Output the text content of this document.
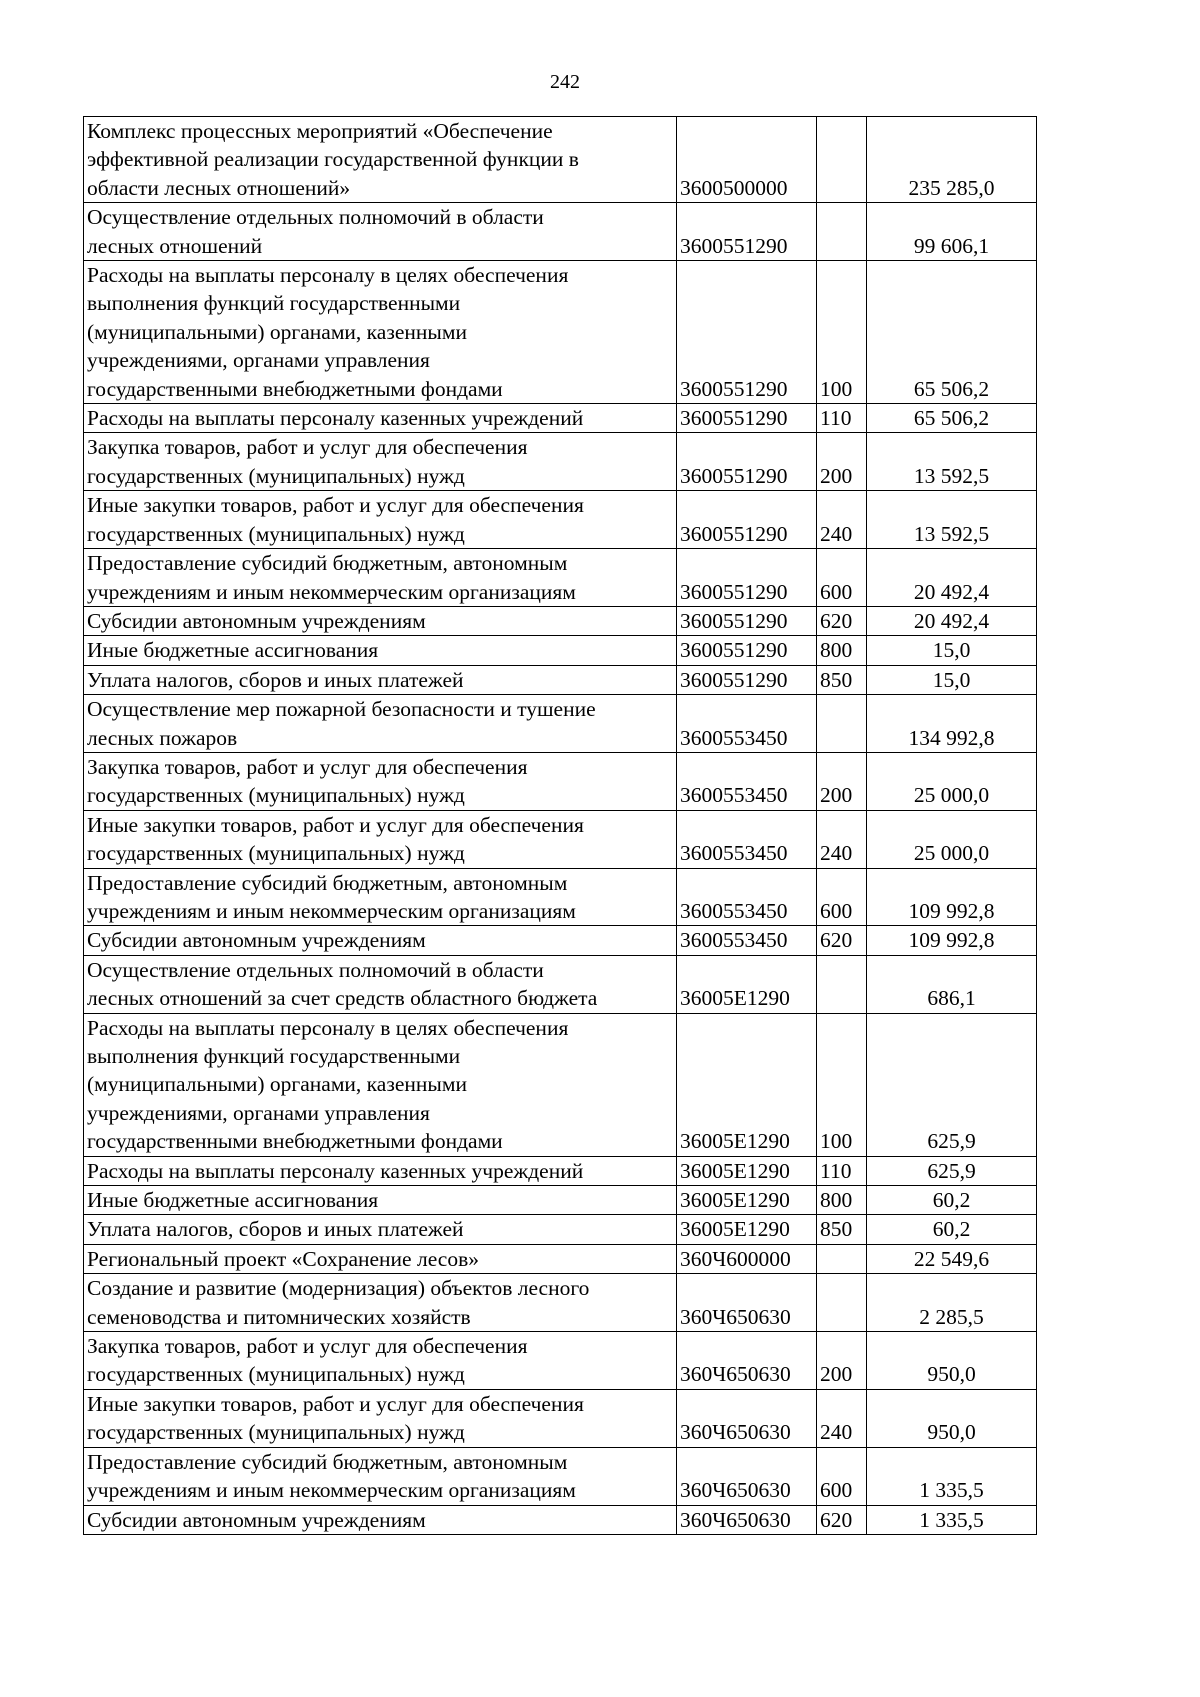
242
Комплекс процессных мероприятий «Обеспечение
эффективной реализации государственной функции в
области лесных отношений»	3600500000		235 285,0

Осуществление отдельных полномочий в области
лесных отношений	3600551290		99 606,1

Расходы на выплаты персоналу в целях обеспечения
выполнения функций государственными
(муниципальными) органами, казенными
учреждениями, органами управления
государственными внебюджетными фондами	3600551290	100	65 506,2

Расходы на выплаты персоналу казенных учреждений	3600551290	110	65 506,2

Закупка товаров, работ и услуг для обеспечения
государственных (муниципальных) нужд	3600551290	200	13 592,5

Иные закупки товаров, работ и услуг для обеспечения
государственных (муниципальных) нужд	3600551290	240	13 592,5

Предоставление субсидий бюджетным, автономным
учреждениям и иным некоммерческим организациям	3600551290	600	20 492,4

Субсидии автономным учреждениям	3600551290	620	20 492,4

Иные бюджетные ассигнования	3600551290	800	15,0

Уплата налогов, сборов и иных платежей	3600551290	850	15,0

Осуществление мер пожарной безопасности и тушение
лесных пожаров	3600553450		134 992,8

Закупка товаров, работ и услуг для обеспечения
государственных (муниципальных) нужд	3600553450	200	25 000,0

Иные закупки товаров, работ и услуг для обеспечения
государственных (муниципальных) нужд	3600553450	240	25 000,0

Предоставление субсидий бюджетным, автономным
учреждениям и иным некоммерческим организациям	3600553450	600	109 992,8

Субсидии автономным учреждениям	3600553450	620	109 992,8

Осуществление отдельных полномочий в области
лесных отношений за счет средств областного бюджета	36005Е1290		686,1

Расходы на выплаты персоналу в целях обеспечения
выполнения функций государственными
(муниципальными) органами, казенными
учреждениями, органами управления
государственными внебюджетными фондами	36005Е1290	100	625,9

Расходы на выплаты персоналу казенных учреждений	36005Е1290	110	625,9

Иные бюджетные ассигнования	36005Е1290	800	60,2

Уплата налогов, сборов и иных платежей	36005Е1290	850	60,2

Региональный проект «Сохранение лесов»	360Ч600000		22 549,6

Создание и развитие (модернизация) объектов лесного
семеноводства и питомнических хозяйств	360Ч650630		2 285,5

Закупка товаров, работ и услуг для обеспечения
государственных (муниципальных) нужд	360Ч650630	200	950,0

Иные закупки товаров, работ и услуг для обеспечения
государственных (муниципальных) нужд	360Ч650630	240	950,0

Предоставление субсидий бюджетным, автономным
учреждениям и иным некоммерческим организациям	360Ч650630	600	1 335,5

Субсидии автономным учреждениям	360Ч650630	620	1 335,5
